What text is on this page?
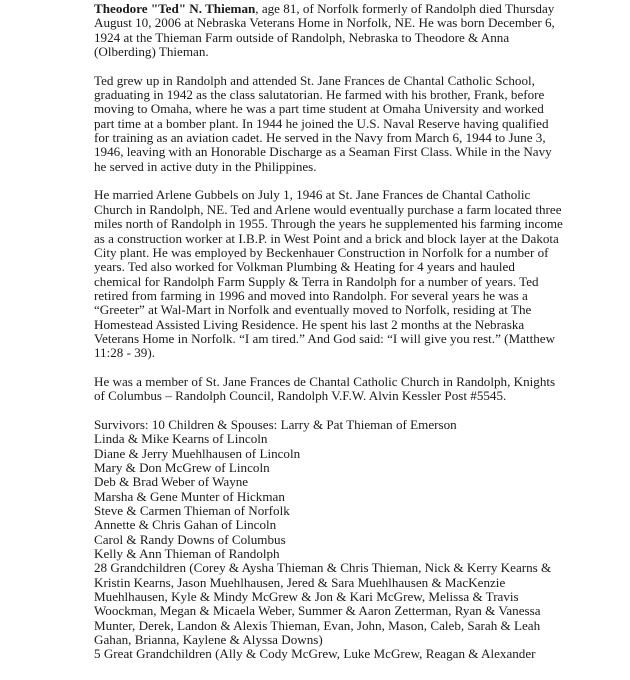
Theodore "Ted" N. Thieman, age 81, of Norfolk formerly of Randolph died Thursday
August 10, 2006 at Nebraska Veterans Home in Norfolk, NE. He was born December 6,
1924 at the Thieman Farm outside of Randolph, Nebraska to Theodore & Anna
(Olberding) Thieman.
Ted grew up in Randolph and attended St. Jane Frances de Chantal Catholic School,
graduating in 1942 as the class salutatorian. He farmed with his brother, Frank, before
moving to Omaha, where he was a part time student at Omaha University and worked
part time at a bomber plant. In 1944 he joined the U.S. Naval Reserve having qualified
for training as an aviation cadet. He served in the Navy from March 6, 1944 to June 3,
1946, leaving with an Honorable Discharge as a Seaman First Class. While in the Navy
he served in active duty in the Philippines.
He married Arlene Gubbels on July 1, 1946 at St. Jane Frances de Chantal Catholic
Church in Randolph, NE. Ted and Arlene would eventually purchase a farm located three
miles north of Randolph in 1955. Through the years he supplemented his farming income
as a construction worker at I.B.P. in West Point and a brick and block layer at the Dakota
City plant. He was employed by Beckenhauer Construction in Norfolk for a number of
years. Ted also worked for Volkman Plumbing & Heating for 4 years and hauled
chemical for Randolph Farm Supply & Terra in Randolph for a number of years. Ted
retired from farming in 1996 and moved into Randolph. For several years he was a
“Greeter” at Wal-Mart in Norfolk and eventually moved to Norfolk, residing at The
Homestead Assisted Living Residence. He spent his last 2 months at the Nebraska
Veterans Home in Norfolk. “I am tired.” And God said: “I will give you rest.” (Matthew
11:28 - 39).
He was a member of St. Jane Frances de Chantal Catholic Church in Randolph, Knights
of Columbus – Randolph Council, Randolph V.F.W. Alvin Kessler Post #5545.
Survivors: 10 Children & Spouses: Larry & Pat Thieman of Emerson
Linda & Mike Kearns of Lincoln
Diane & Jerry Muehlhausen of Lincoln
Mary & Don McGrew of Lincoln
Deb & Brad Weber of Wayne
Marsha & Gene Munter of Hickman
Steve & Carmen Thieman of Norfolk
Annette & Chris Gahan of Lincoln
Carol & Randy Downs of Columbus
Kelly & Ann Thieman of Randolph
28 Grandchildren (Corey & Aysha Thieman & Chris Thieman, Nick & Kerry Kearns &
Kristin Kearns, Jason Muehlhausen, Jered & Sara Muehlhausen & MacKenzie
Muehlhausen, Kyle & Mindy McGrew & Jon & Kari McGrew, Melissa & Travis
Woockman, Megan & Micaela Weber, Summer & Aaron Zetterman, Ryan & Vanessa
Munter, Derek, Landon & Alexis Thieman, Evan, John, Mason, Caleb, Sarah & Leah
Gahan, Brianna, Kaylene & Alyssa Downs)
5 Great Grandchildren (Ally & Cody McGrew, Luke McGrew, Reagan & Alexander
